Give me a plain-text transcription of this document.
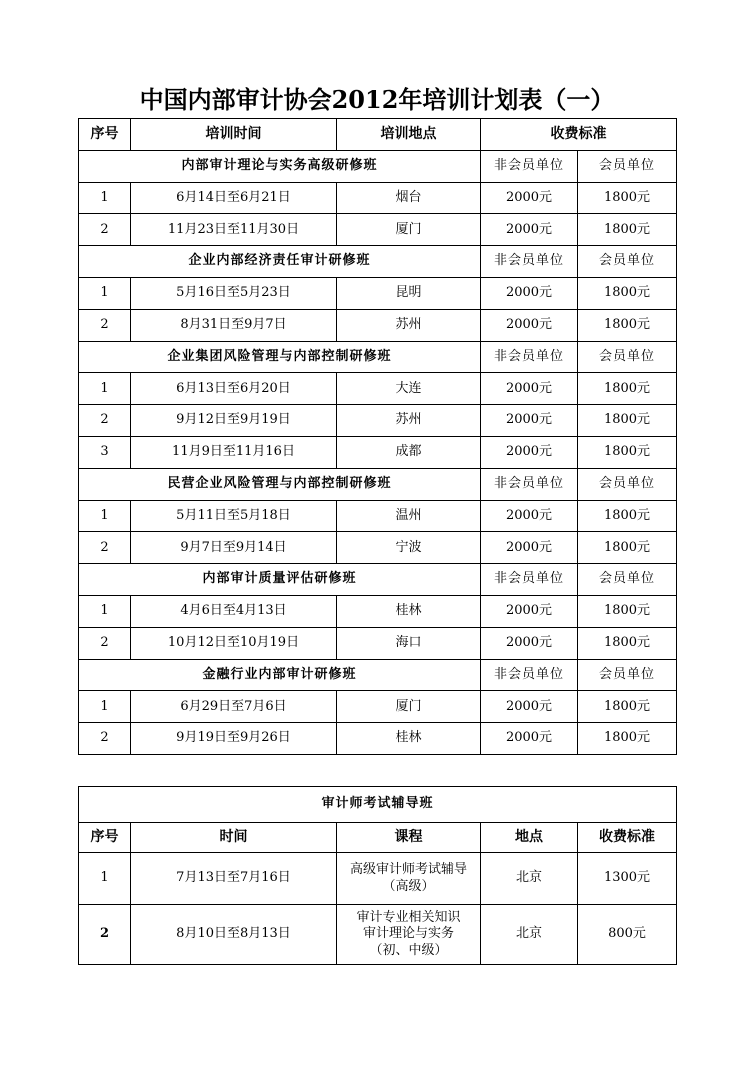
中国内部审计协会2012年培训计划表（一）
序号	培训时间	培训地点	收费标准	
内部审计理论与实务高级研修班			非会员单位	会员单位
1	6月14日至6月21日	烟台	2000元	1800元
2	11月23日至11月30日	厦门	2000元	1800元
企业内部经济责任审计研修班			非会员单位	会员单位
1	5月16日至5月23日	昆明	2000元	1800元
2	8月31日至9月7日	苏州	2000元	1800元
企业集团风险管理与内部控制研修班			非会员单位	会员单位
1	6月13日至6月20日	大连	2000元	1800元
2	9月12日至9月19日	苏州	2000元	1800元
3	11月9日至11月16日	成都	2000元	1800元
民营企业风险管理与内部控制研修班			非会员单位	会员单位
1	5月11日至5月18日	温州	2000元	1800元
2	9月7日至9月14日	宁波	2000元	1800元
内部审计质量评估研修班			非会员单位	会员单位
1	4月6日至4月13日	桂林	2000元	1800元
2	10月12日至10月19日	海口	2000元	1800元
金融行业内部审计研修班			非会员单位	会员单位
1	6月29日至7月6日	厦门	2000元	1800元
2	9月19日至9月26日	桂林	2000元	1800元
审计师考试辅导班				
序号	时间	课程	地点	收费标准
1	7月13日至7月16日	高级审计师考试辅导
（高级）	北京	1300元
2	8月10日至8月13日	审计专业相关知识
审计理论与实务
（初、中级）	北京	800元
